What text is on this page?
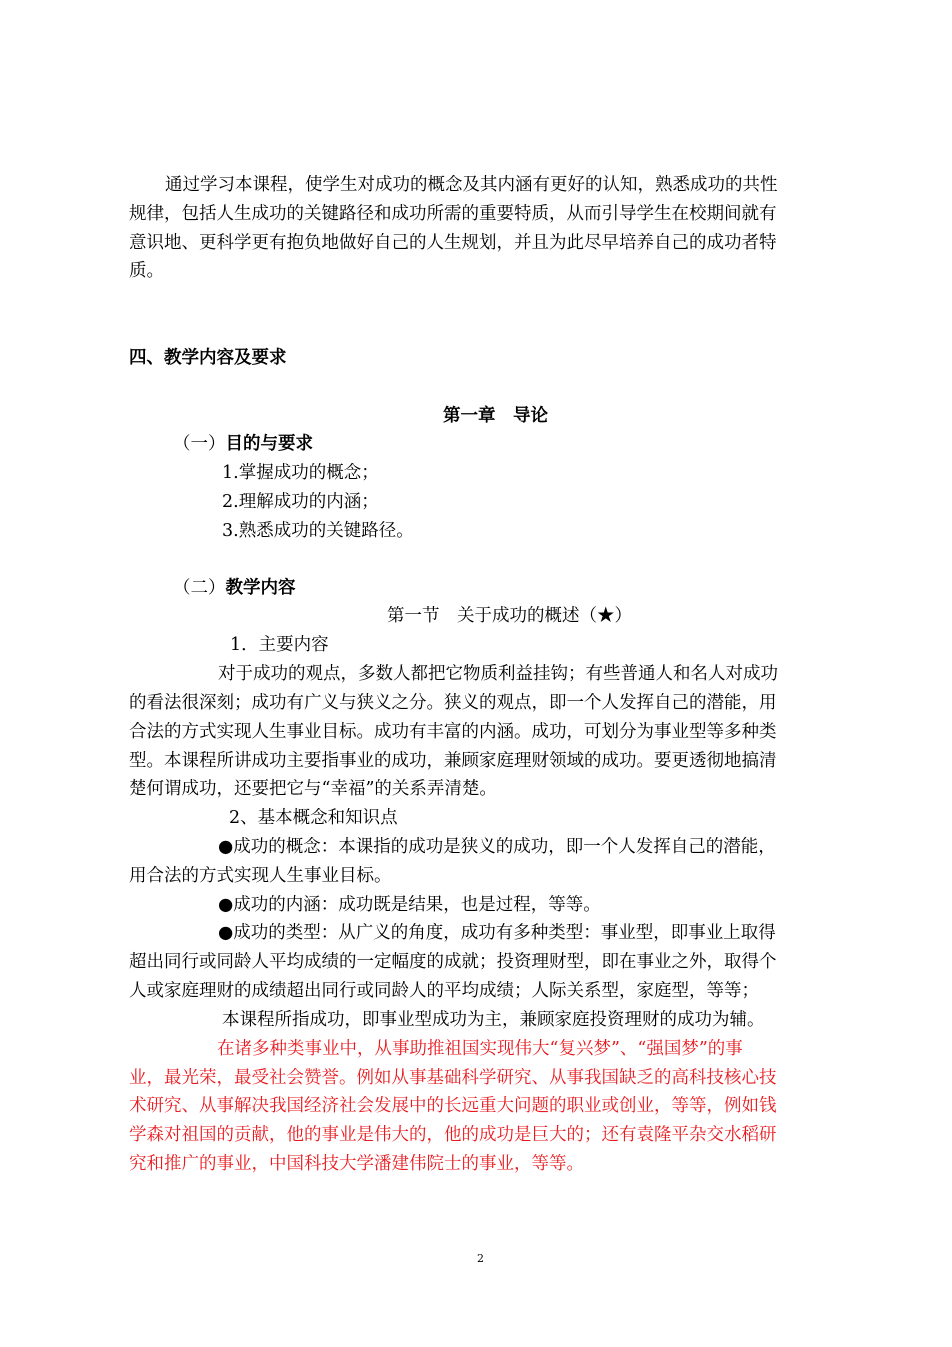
通过学习本课程，使学生对成功的概念及其内涵有更好的认知，熟悉成功的共性
规律，包括人生成功的关键路径和成功所需的重要特质，从而引导学生在校期间就有
意识地、更科学更有抱负地做好自己的人生规划，并且为此尽早培养自己的成功者特
质。
四、教学内容及要求
第一章　导论
（一）目的与要求
1.掌握成功的概念；
2.理解成功的内涵；
3.熟悉成功的关键路径。
（二）教学内容
第一节　关于成功的概述（★）
1．主要内容
对于成功的观点，多数人都把它物质利益挂钩；有些普通人和名人对成功
的看法很深刻；成功有广义与狭义之分。狭义的观点，即一个人发挥自己的潜能，用
合法的方式实现人生事业目标。成功有丰富的内涵。成功，可划分为事业型等多种类
型。本课程所讲成功主要指事业的成功，兼顾家庭理财领域的成功。要更透彻地搞清
楚何谓成功，还要把它与“幸福”的关系弄清楚。
2、基本概念和知识点
●成功的概念：本课指的成功是狭义的成功，即一个人发挥自己的潜能，
用合法的方式实现人生事业目标。
●成功的内涵：成功既是结果，也是过程，等等。
●成功的类型：从广义的角度，成功有多种类型：事业型，即事业上取得
超出同行或同龄人平均成绩的一定幅度的成就；投资理财型，即在事业之外，取得个
人或家庭理财的成绩超出同行或同龄人的平均成绩；人际关系型，家庭型，等等；
本课程所指成功，即事业型成功为主，兼顾家庭投资理财的成功为辅。
在诸多种类事业中，从事助推祖国实现伟大“复兴梦”、“强国梦”的事
业，最光荣，最受社会赞誉。例如从事基础科学研究、从事我国缺乏的高科技核心技
术研究、从事解决我国经济社会发展中的长远重大问题的职业或创业，等等，例如钱
学森对祖国的贡献，他的事业是伟大的，他的成功是巨大的；还有袁隆平杂交水稻研
究和推广的事业，中国科技大学潘建伟院士的事业，等等。
2
